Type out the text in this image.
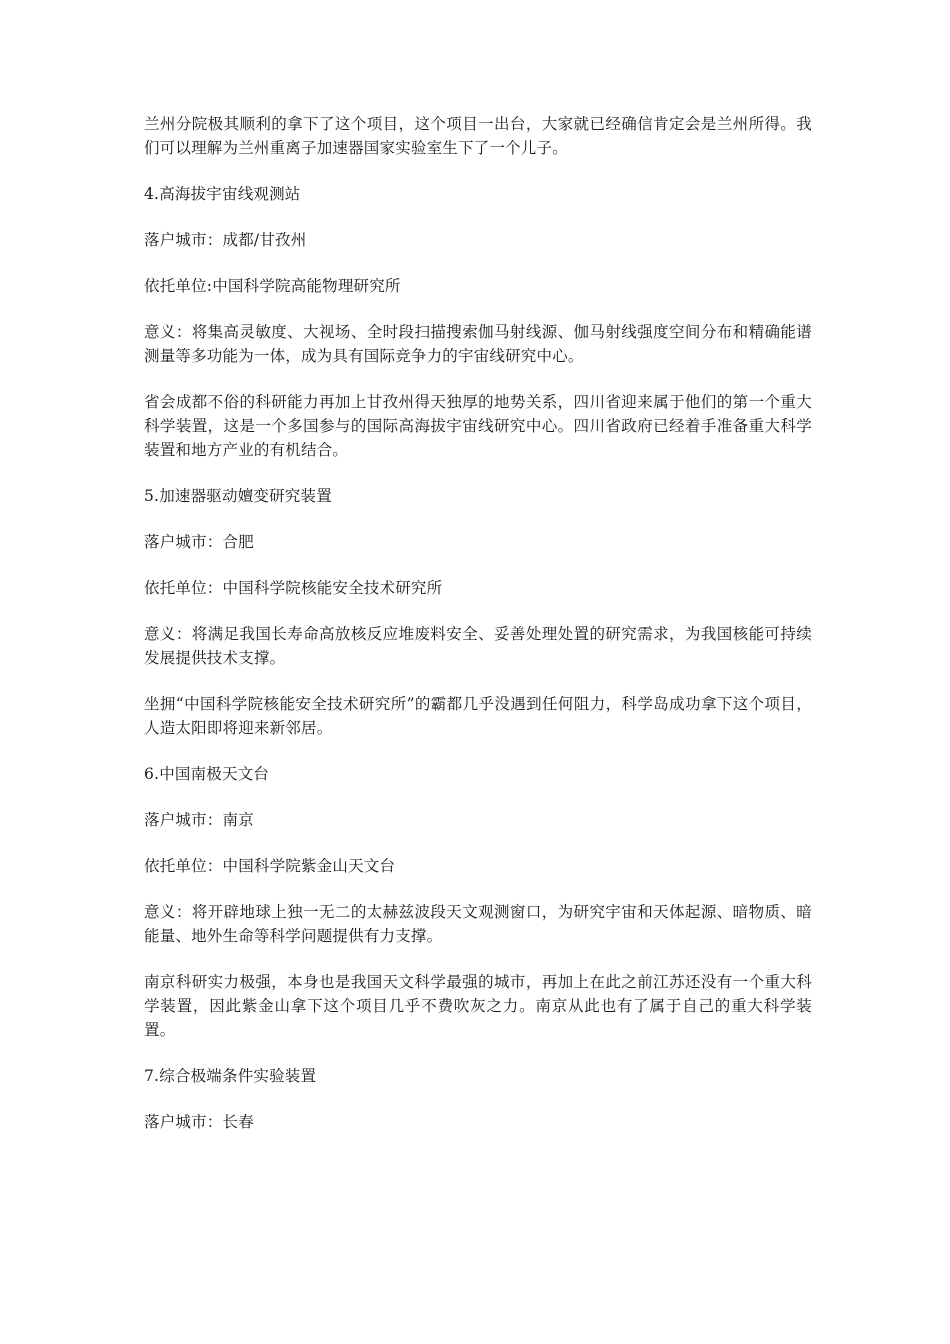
兰州分院极其顺利的拿下了这个项目，这个项目一出台，大家就已经确信肯定会是兰州所得。我们可以理解为兰州重离子加速器国家实验室生下了一个儿子。

4.高海拔宇宙线观测站

落户城市：成都/甘孜州

依托单位:中国科学院高能物理研究所

意义：将集高灵敏度、大视场、全时段扫描搜索伽马射线源、伽马射线强度空间分布和精确能谱测量等多功能为一体，成为具有国际竞争力的宇宙线研究中心。

省会成都不俗的科研能力再加上甘孜州得天独厚的地势关系，四川省迎来属于他们的第一个重大科学装置，这是一个多国参与的国际高海拔宇宙线研究中心。四川省政府已经着手准备重大科学装置和地方产业的有机结合。

5.加速器驱动嬗变研究装置

落户城市：合肥

依托单位：中国科学院核能安全技术研究所

意义：将满足我国长寿命高放核反应堆废料安全、妥善处理处置的研究需求，为我国核能可持续发展提供技术支撑。

坐拥“中国科学院核能安全技术研究所”的霸都几乎没遇到任何阻力，科学岛成功拿下这个项目，人造太阳即将迎来新邻居。

6.中国南极天文台

落户城市：南京

依托单位：中国科学院紫金山天文台

意义：将开辟地球上独一无二的太赫兹波段天文观测窗口，为研究宇宙和天体起源、暗物质、暗能量、地外生命等科学问题提供有力支撑。

南京科研实力极强，本身也是我国天文科学最强的城市，再加上在此之前江苏还没有一个重大科学装置，因此紫金山拿下这个项目几乎不费吹灰之力。南京从此也有了属于自己的重大科学装置。

7.综合极端条件实验装置

落户城市：长春
